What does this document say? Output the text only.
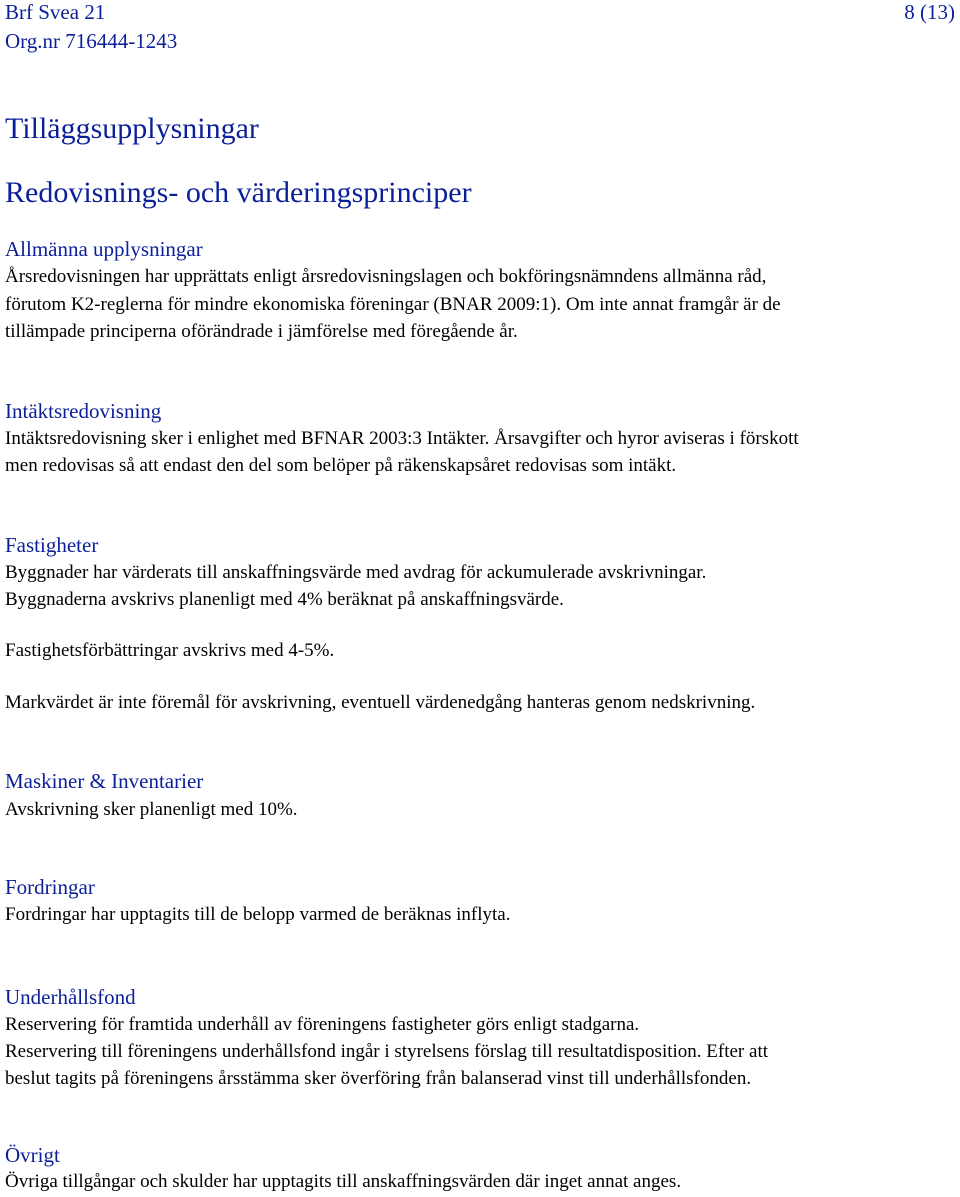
Brf Svea 21
Org.nr 716444-1243
8 (13)
Tilläggsupplysningar
Redovisnings- och värderingsprinciper
Allmänna upplysningar
Årsredovisningen har upprättats enligt årsredovisningslagen och bokföringsnämndens allmänna råd,
förutom K2-reglerna för mindre ekonomiska föreningar (BNAR 2009:1). Om inte annat framgår är de
tillämpade principerna oförändrade i jämförelse med föregående år.
Intäktsredovisning
Intäktsredovisning sker i enlighet med BFNAR 2003:3 Intäkter. Årsavgifter och hyror aviseras i förskott
men redovisas så att endast den del som belöper på räkenskapsåret redovisas som intäkt.
Fastigheter
Byggnader har värderats till anskaffningsvärde med avdrag för ackumulerade avskrivningar.
Byggnaderna avskrivs planenligt med 4% beräknat på anskaffningsvärde.
Fastighetsförbättringar avskrivs med 4-5%.
Markvärdet är inte föremål för avskrivning, eventuell värdenedgång hanteras genom nedskrivning.
Maskiner & Inventarier
Avskrivning sker planenligt med 10%.
Fordringar
Fordringar har upptagits till de belopp varmed de beräknas inflyta.
Underhållsfond
Reservering för framtida underhåll av föreningens fastigheter görs enligt stadgarna.
Reservering till föreningens underhållsfond ingår i styrelsens förslag till resultatdisposition. Efter att
beslut tagits på föreningens årsstämma sker överföring från balanserad vinst till underhållsfonden.
Övrigt
Övriga tillgångar och skulder har upptagits till anskaffningsvärden där inget annat anges.
